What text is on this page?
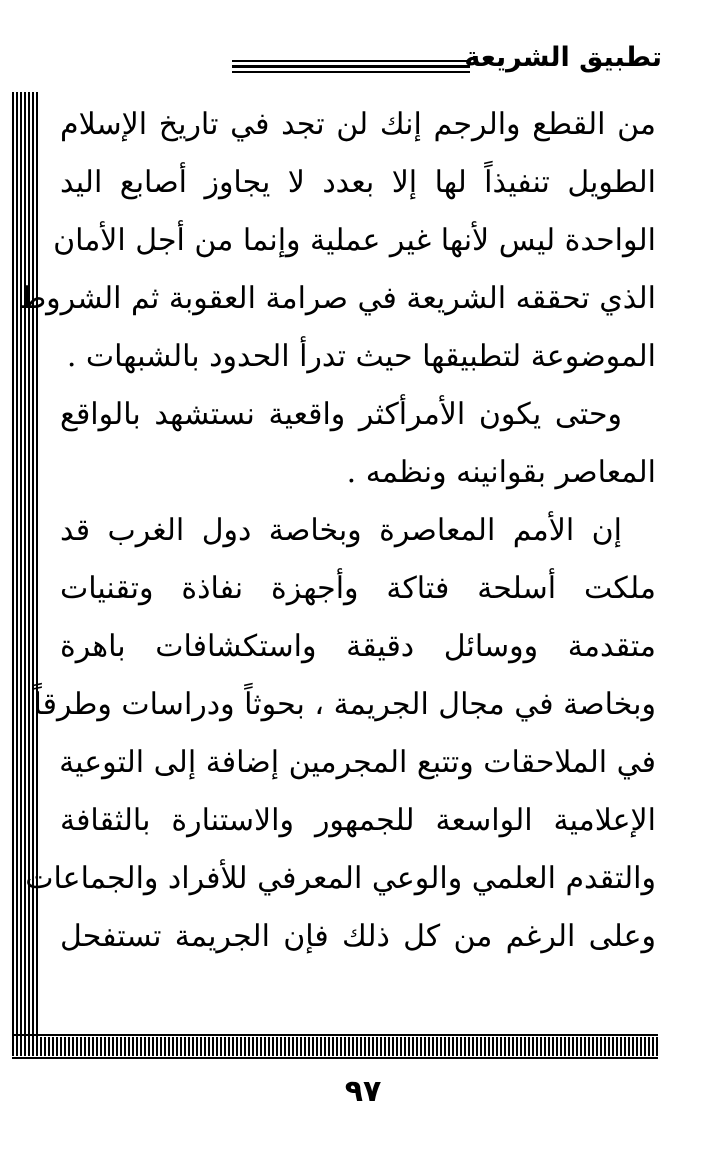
تطبيق الشريعة
من القطع والرجم إنك لن تجد في تاريخ الإسلام
الطويل تنفيذاً لها إلا بعدد لا يجاوز أصابع اليد
الواحدة ليس لأنها غير عملية وإنما من أجل الأمان
الذي تحققه الشريعة في صرامة العقوبة ثم الشروط
الموضوعة لتطبيقها حيث تدرأ الحدود بالشبهات .
وحتى يكون الأمرأكثر واقعية نستشهد بالواقع
المعاصر بقوانينه ونظمه .
إن الأمم المعاصرة وبخاصة دول الغرب قد
ملكت أسلحة فتاكة وأجهزة نفاذة وتقنيات
متقدمة ووسائل دقيقة واستكشافات باهرة
وبخاصة في مجال الجريمة ، بحوثاً ودراسات وطرقاً
في الملاحقات وتتبع المجرمين إضافة إلى التوعية
الإعلامية الواسعة للجمهور والاستنارة بالثقافة
والتقدم العلمي والوعي المعرفي للأفراد والجماعات
وعلى الرغم من كل ذلك فإن الجريمة تستفحل
٩٧
